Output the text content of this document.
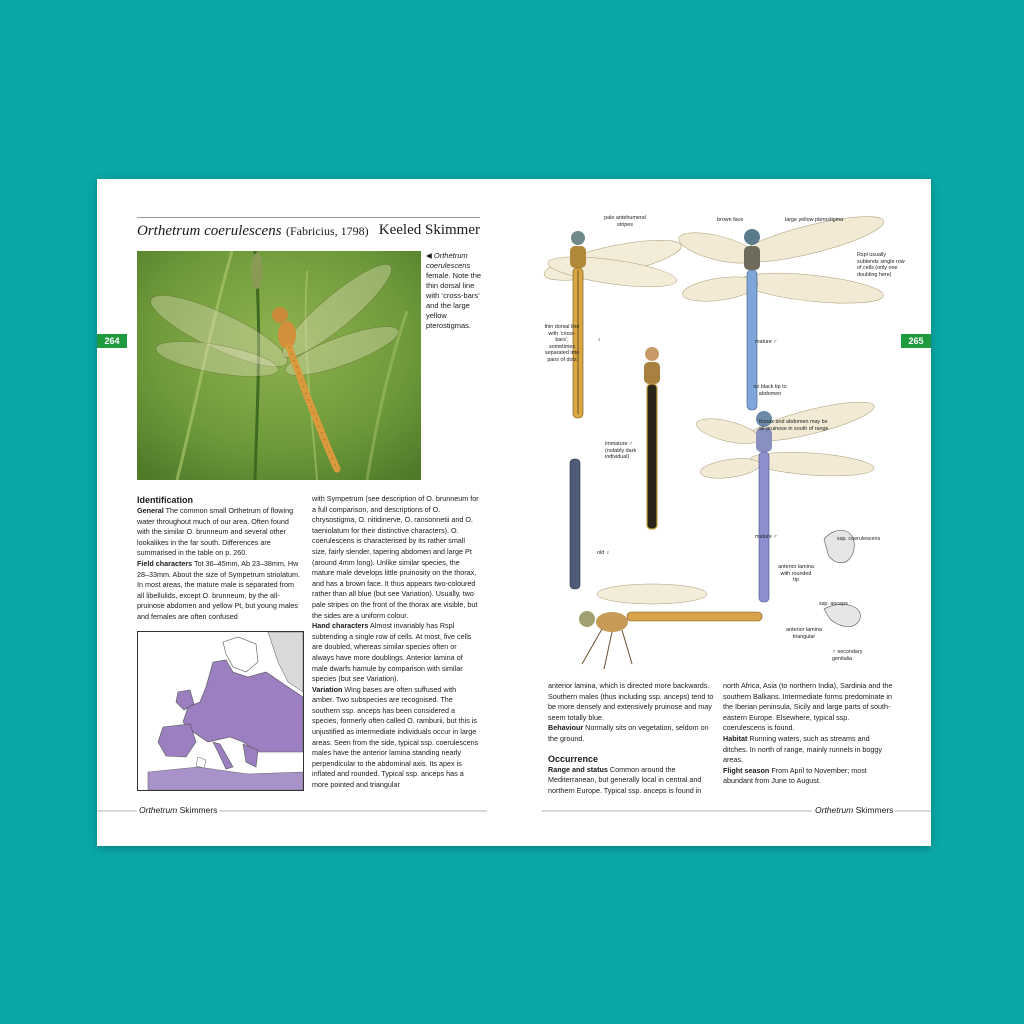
264	265
Orthetrum coerulescens (Fabricius, 1798) Keeled Skimmer
◀ Orthetrum coerulescens female. Note the thin dorsal line with ‘cross-bars’ and the large yellow pterostigmas.
Identification
General The common small Orthetrum of flowing water throughout much of our area. Often found with the similar O. brunneum and several other lookalikes in the far south. Differences are summarised in the table on p. 260.
Field characters Tot 36–45mm, Ab 23–38mm, Hw 28–33mm. About the size of Sympetrum striolatum. In most areas, the mature male is separated from all libellulids, except O. brunneum, by the all-pruinose abdomen and yellow Pt, but young males and females are often confused
with Sympetrum (see description of O. brunneum for a full comparison, and descriptions of O. chrysostigma, O. nitidinerve, O. ransonnetii and O. taeniolatum for their distinctive characters). O. coerulescens is characterised by its rather small size, fairly slender, tapering abdomen and large Pt (around 4mm long). Unlike similar species, the mature male develops little pruinosity on the thorax, and has a brown face. It thus appears two-coloured rather than all blue (but see Variation). Usually, two pale stripes on the front of the thorax are visible, but the sides are a uniform colour.
Hand characters Almost invariably has Rspl subtending a single row of cells. At most, five cells are doubled, whereas similar species often or always have more doublings. Anterior lamina of male dwarfs hamule by comparison with similar species (but see Variation).
Variation Wing bases are often suffused with amber. Two subspecies are recognised. The southern ssp. anceps has been considered a species, formerly often called O. ramburii, but this is unjustified as intermediate individuals occur in large areas. Seen from the side, typical ssp. coerulescens males have the anterior lamina standing nearly perpendicular to the abdominal axis. Its apex is inflated and rounded. Typical ssp. anceps has a more pointed and triangular
anterior lamina, which is directed more backwards. Southern males (thus including ssp. anceps) tend to be more densely and extensively pruinose and may seem totally blue.
Behaviour Normally sits on vegetation, seldom on the ground.
Occurrence
Range and status Common around the Mediterranean, but generally local in central and northern Europe. Typical ssp. anceps is found in
north Africa, Asia (to northern India), Sardinia and the southern Balkans. Intermediate forms predominate in the Iberian peninsula, Sicily and large parts of south-eastern Europe. Elsewhere, typical ssp. coerulescens is found.
Habitat Running waters, such as streams and ditches. In north of range, mainly runnels in boggy areas.
Flight season From April to November; most abundant from June to August.
pale antehumeral stripes
thin dorsal line with ‘cross-bars’, sometimes separated into pairs of dots
♀
brown face	large yellow pterostigma
Rspl usually subtends single row of cells (only one doubling here)
mature ♂
no black tip to abdomen
immature ♂ (notably dark individual)
thorax and abdomen may be all-pruinose in south of range
old ♀
mature ♂	ssp. coerulescens
anterior lamina with rounded tip
ssp. anceps
anterior lamina triangular
♂ secondary genitalia
Orthetrum Skimmers	Orthetrum Skimmers
